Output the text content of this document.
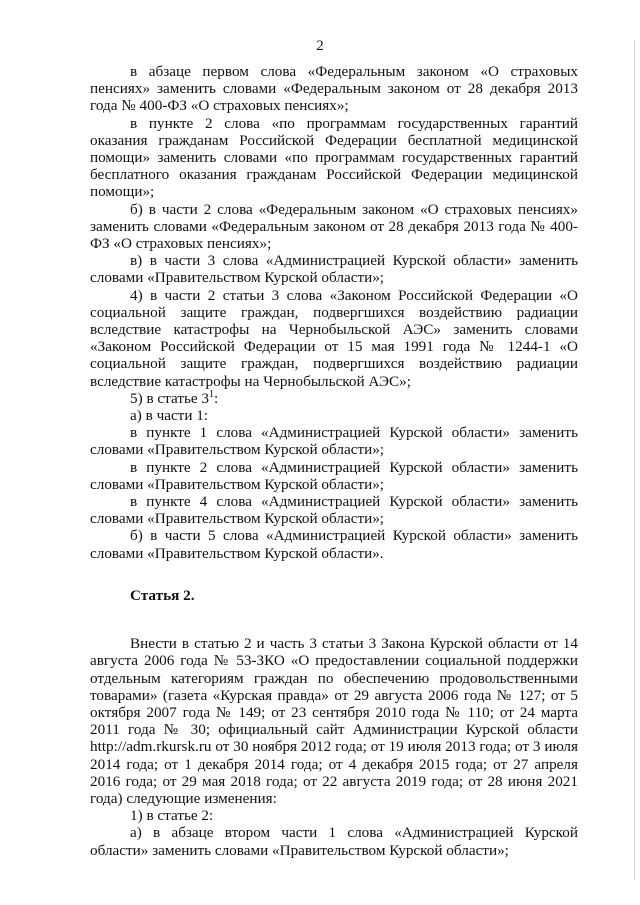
2

в абзаце первом слова «Федеральным законом «О страховых пенсиях» заменить словами «Федеральным законом от 28 декабря 2013 года № 400-ФЗ «О страховых пенсиях»;

в пункте 2 слова «по программам государственных гарантий оказания гражданам Российской Федерации бесплатной медицинской помощи» заменить словами «по программам государственных гарантий бесплатного оказания гражданам Российской Федерации медицинской помощи»;

б) в части 2 слова «Федеральным законом «О страховых пенсиях» заменить словами «Федеральным законом от 28 декабря 2013 года № 400-ФЗ «О страховых пенсиях»;

в) в части 3 слова «Администрацией Курской области» заменить словами «Правительством Курской области»;

4) в части 2 статьи 3 слова «Законом Российской Федерации «О социальной защите граждан, подвергшихся воздействию радиации вследствие катастрофы на Чернобыльской АЭС» заменить словами «Законом Российской Федерации от 15 мая 1991 года № 1244-1 «О социальной защите граждан, подвергшихся воздействию радиации вследствие катастрофы на Чернобыльской АЭС»;

5) в статье $3^1$:

а) в части 1:

в пункте 1 слова «Администрацией Курской области» заменить словами «Правительством Курской области»;

в пункте 2 слова «Администрацией Курской области» заменить словами «Правительством Курской области»;

в пункте 4 слова «Администрацией Курской области» заменить словами «Правительством Курской области»;

б) в части 5 слова «Администрацией Курской области» заменить словами «Правительством Курской области».

Статья 2.

Внести в статью 2 и часть 3 статьи 3 Закона Курской области от 14 августа 2006 года № 53-ЗКО «О предоставлении социальной поддержки отдельным категориям граждан по обеспечению продовольственными товарами» (газета «Курская правда» от 29 августа 2006 года № 127; от 5 октября 2007 года № 149; от 23 сентября 2010 года № 110; от 24 марта 2011 года № 30; официальный сайт Администрации Курской области http://adm.rkursk.ru от 30 ноября 2012 года; от 19 июля 2013 года; от 3 июля 2014 года; от 1 декабря 2014 года; от 4 декабря 2015 года; от 27 апреля 2016 года; от 29 мая 2018 года; от 22 августа 2019 года; от 28 июня 2021 года) следующие изменения:

1) в статье 2:

а) в абзаце втором части 1 слова «Администрацией Курской области» заменить словами «Правительством Курской области»;
